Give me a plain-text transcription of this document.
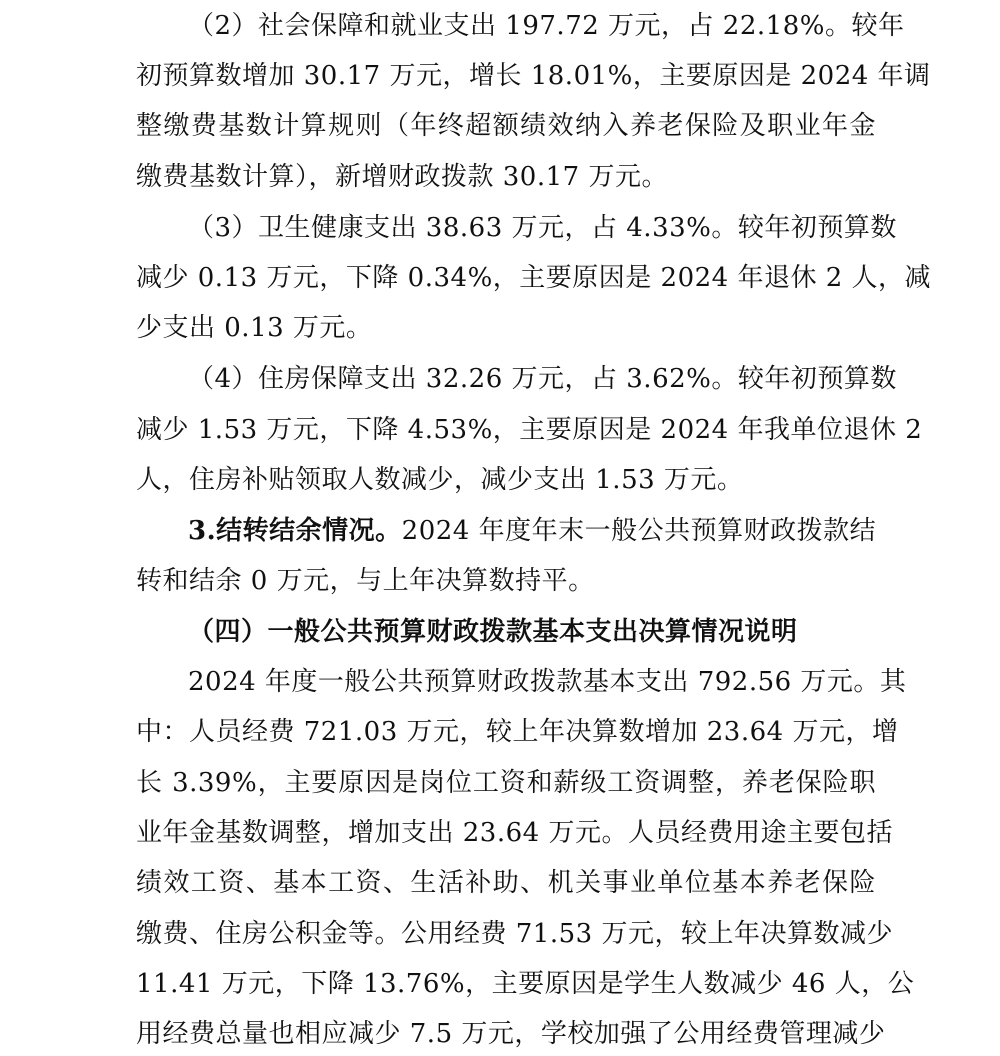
（2）社会保障和就业支出 197.72 万元，占 22.18%。较年
初预算数增加 30.17 万元，增长 18.01%，主要原因是 2024 年调
整缴费基数计算规则（年终超额绩效纳入养老保险及职业年金
缴费基数计算），新增财政拨款 30.17 万元。
（3）卫生健康支出 38.63 万元，占 4.33%。较年初预算数
减少 0.13 万元，下降 0.34%，主要原因是 2024 年退休 2 人，减
少支出 0.13 万元。
（4）住房保障支出 32.26 万元，占 3.62%。较年初预算数
减少 1.53 万元，下降 4.53%，主要原因是 2024 年我单位退休 2
人，住房补贴领取人数减少，减少支出 1.53 万元。
3.结转结余情况。2024 年度年末一般公共预算财政拨款结
转和结余 0 万元，与上年决算数持平。
（四）一般公共预算财政拨款基本支出决算情况说明
2024 年度一般公共预算财政拨款基本支出 792.56 万元。其
中：人员经费 721.03 万元，较上年决算数增加 23.64 万元，增
长 3.39%，主要原因是岗位工资和薪级工资调整，养老保险职
业年金基数调整，增加支出 23.64 万元。人员经费用途主要包括
绩效工资、基本工资、生活补助、机关事业单位基本养老保险
缴费、住房公积金等。公用经费 71.53 万元，较上年决算数减少
11.41 万元，下降 13.76%，主要原因是学生人数减少 46 人，公
用经费总量也相应减少 7.5 万元，学校加强了公用经费管理减少
